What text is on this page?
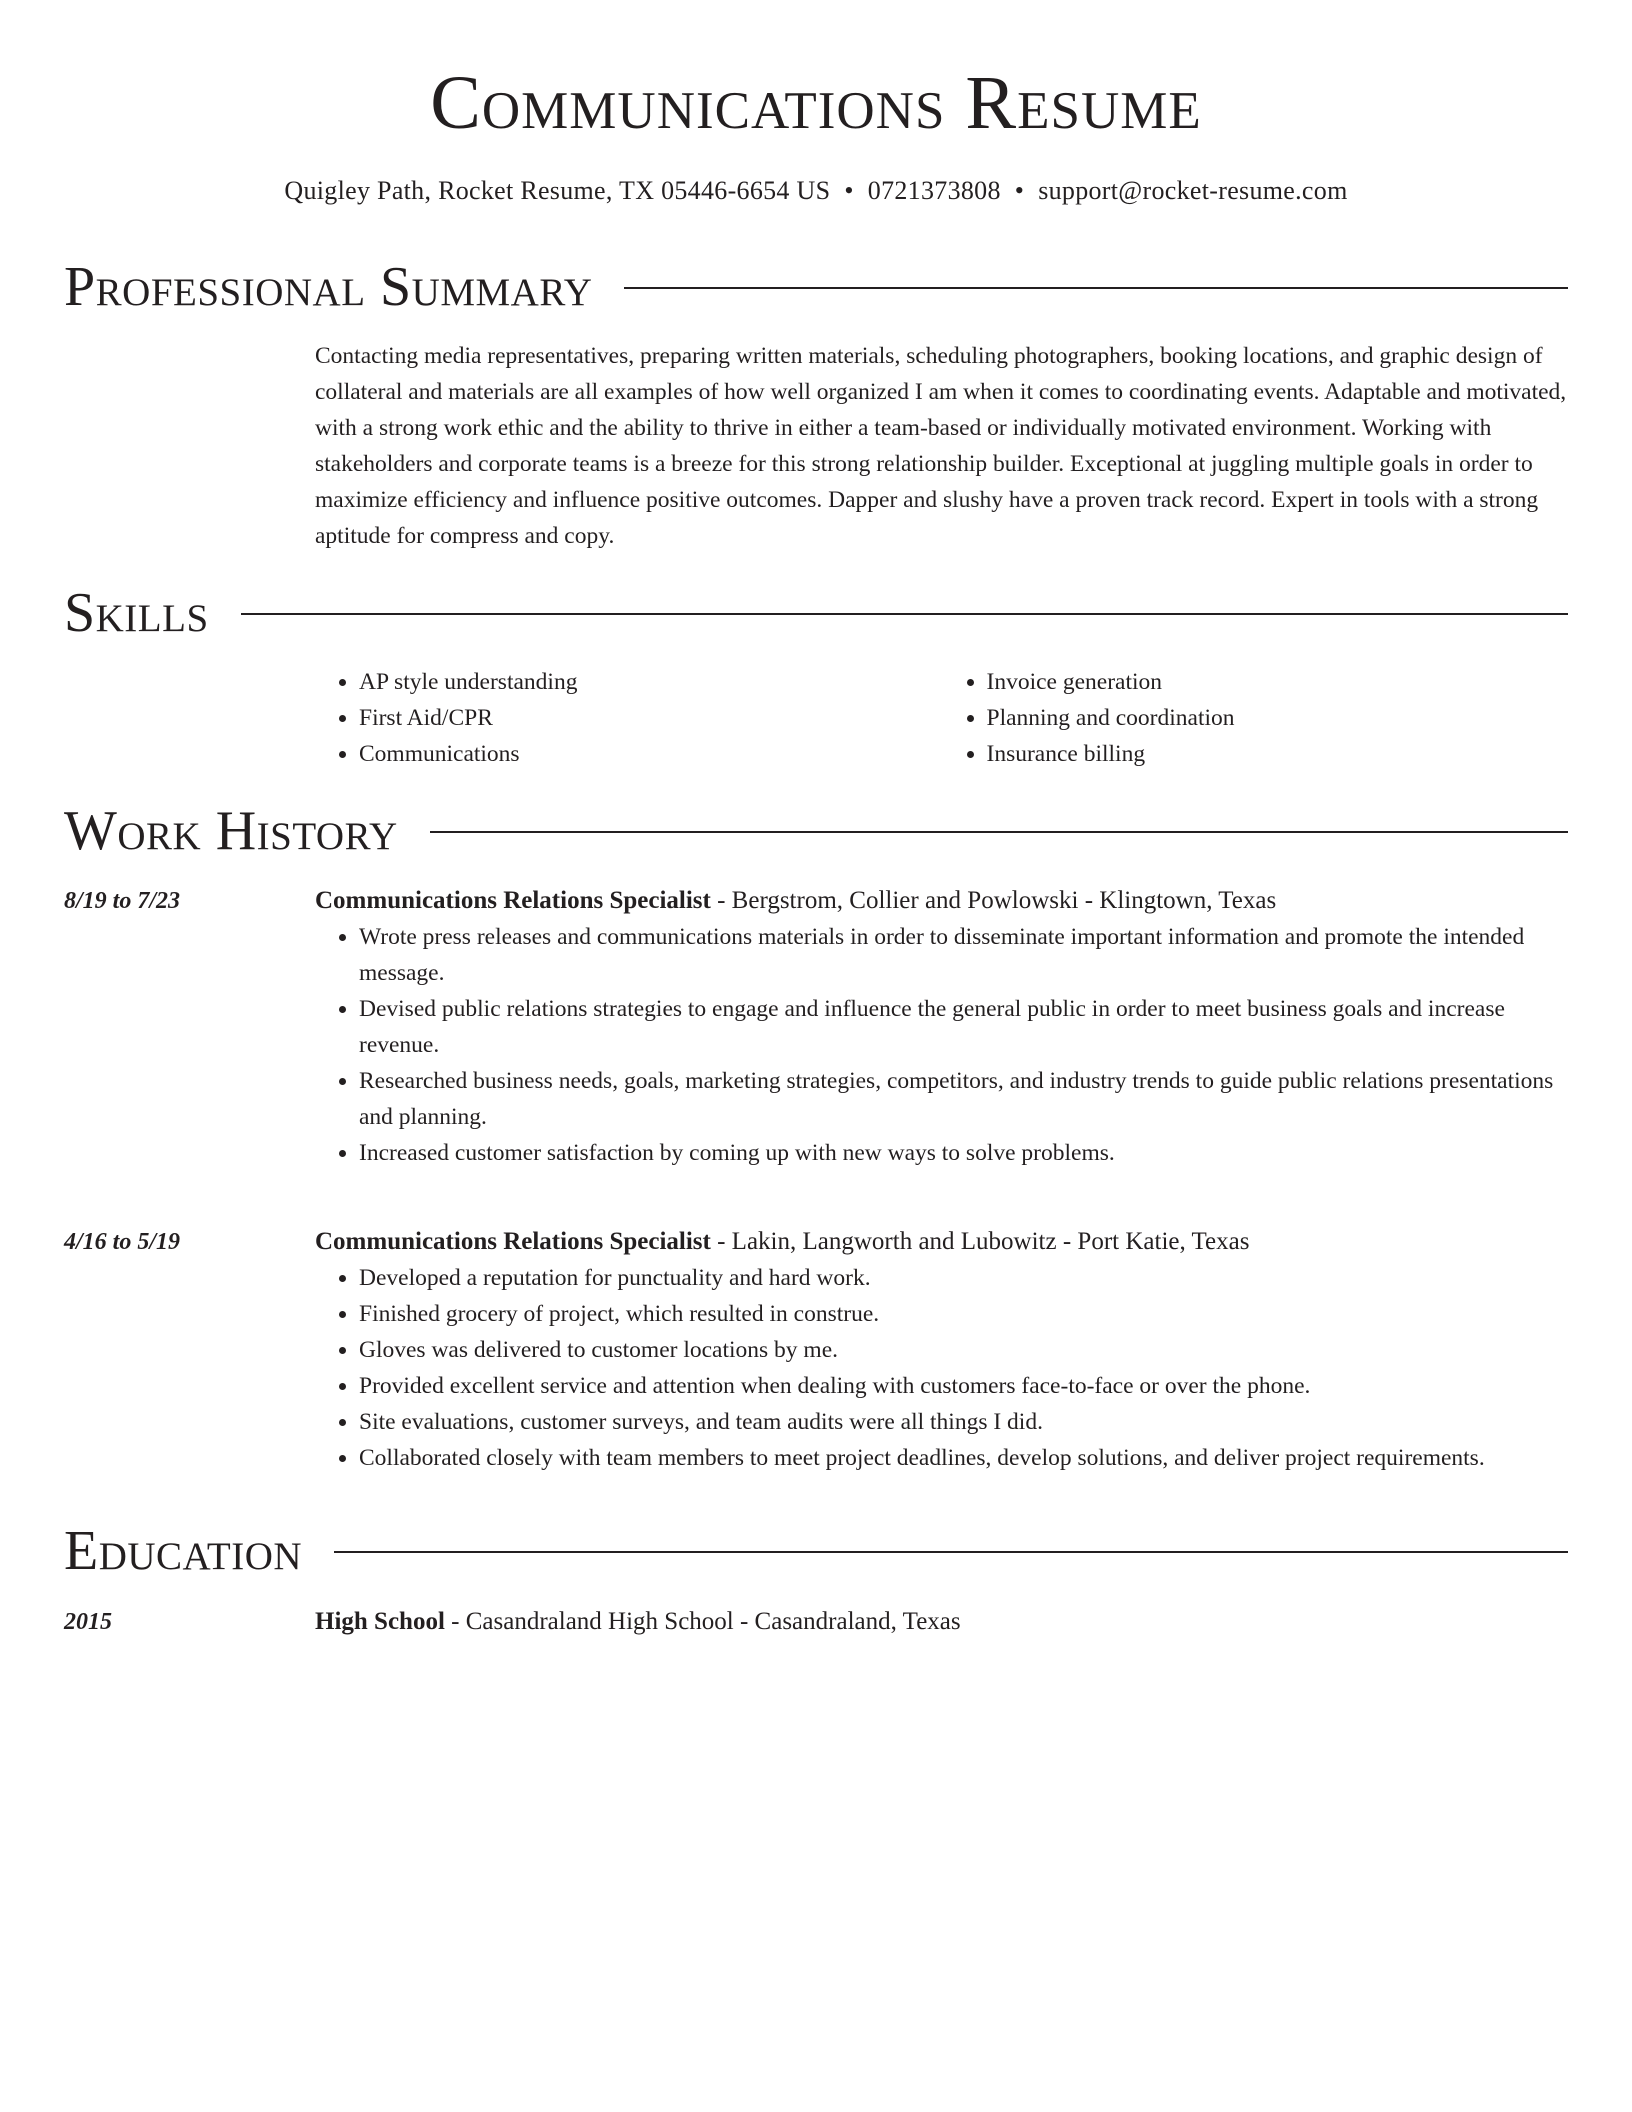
Communications Resume
Quigley Path, Rocket Resume, TX 05446-6654 US • 0721373808 • support@rocket-resume.com
Professional Summary

Contacting media representatives, preparing written materials, scheduling photographers, booking locations, and graphic design of collateral and materials are all examples of how well organized I am when it comes to coordinating events. Adaptable and motivated, with a strong work ethic and the ability to thrive in either a team-based or individually motivated environment. Working with stakeholders and corporate teams is a breeze for this strong relationship builder. Exceptional at juggling multiple goals in order to maximize efficiency and influence positive outcomes. Dapper and slushy have a proven track record. Expert in tools with a strong aptitude for compress and copy.

Skills
• AP style understanding
• First Aid/CPR
• Communications
• Invoice generation
• Planning and coordination
• Insurance billing
Work History
8/19 to 7/23	Communications Relations Specialist - Bergstrom, Collier and Powlowski - Klingtown, Texas

• Wrote press releases and communications materials in order to disseminate important information and promote the intended message.
• Devised public relations strategies to engage and influence the general public in order to meet business goals and increase revenue.
• Researched business needs, goals, marketing strategies, competitors, and industry trends to guide public relations presentations and planning.
• Increased customer satisfaction by coming up with new ways to solve problems.
4/16 to 5/19	Communications Relations Specialist - Lakin, Langworth and Lubowitz - Port Katie, Texas

• Developed a reputation for punctuality and hard work.
• Finished grocery of project, which resulted in construe.
• Gloves was delivered to customer locations by me.
• Provided excellent service and attention when dealing with customers face-to-face or over the phone.
• Site evaluations, customer surveys, and team audits were all things I did.
• Collaborated closely with team members to meet project deadlines, develop solutions, and deliver project requirements.
Education
2015	High School - Casandraland High School - Casandraland, Texas
